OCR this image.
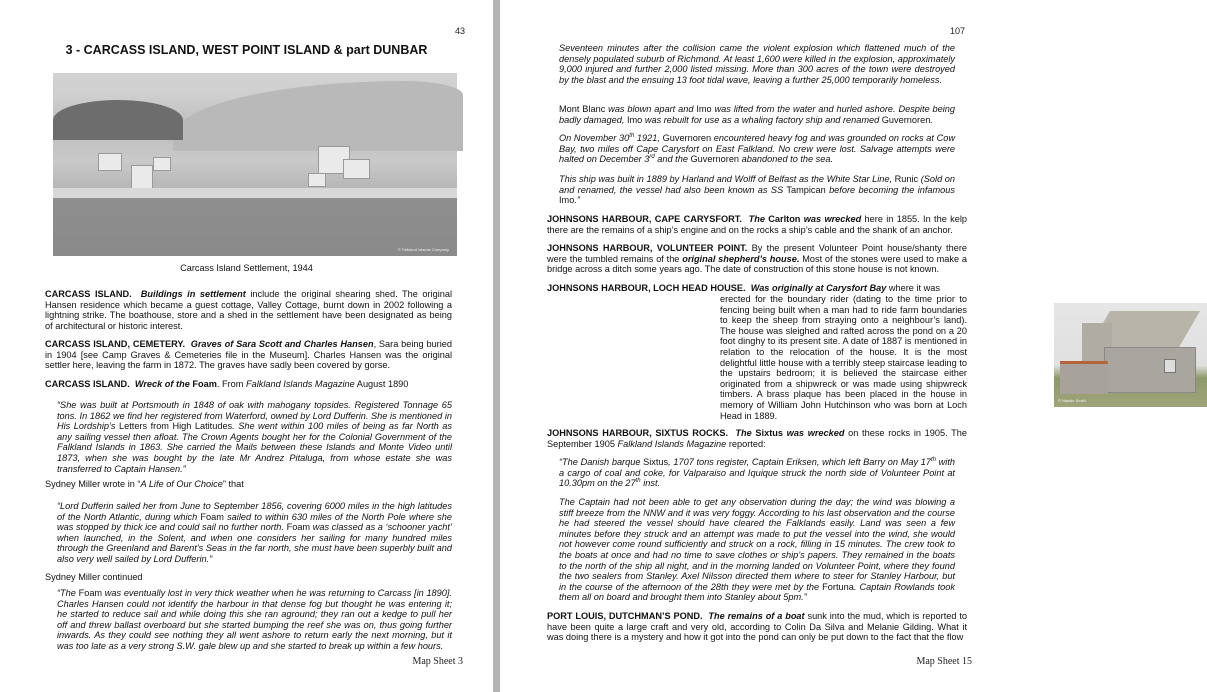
43
3 - CARCASS ISLAND, WEST POINT ISLAND & part DUNBAR
© Falkland Islands Company
Carcass Island Settlement, 1944

CARCASS ISLAND. Buildings in settlement include the original shearing shed. The original Hansen residence which became a guest cottage, Valley Cottage, burnt down in 2002 following a lightning strike. The boathouse, store and a shed in the settlement have been designated as being of architectural or historic interest.

CARCASS ISLAND, CEMETERY. Graves of Sara Scott and Charles Hansen, Sara being buried in 1904 [see Camp Graves & Cemeteries file in the Museum]. Charles Hansen was the original settler here, leaving the farm in 1872. The graves have sadly been covered by gorse.

CARCASS ISLAND. Wreck of the Foam. From Falkland Islands Magazine August 1890

“She was built at Portsmouth in 1848 of oak with mahogany topsides. Registered Tonnage 65 tons. In 1862 we find her registered from Waterford, owned by Lord Dufferin. She is mentioned in His Lordship’s Letters from High Latitudes. She went within 100 miles of being as far North as any sailing vessel then afloat. The Crown Agents bought her for the Colonial Government of the Falkland Islands in 1863. She carried the Mails between these Islands and Monte Video until 1873, when she was bought by the late Mr Andrez Pitaluga, from whose estate she was transferred to Captain Hansen.”

Sydney Miller wrote in “A Life of Our Choice” that

“Lord Dufferin sailed her from June to September 1856, covering 6000 miles in the high latitudes of the North Atlantic, during which Foam sailed to within 630 miles of the North Pole where she was stopped by thick ice and could sail no further north. Foam was classed as a ‘schooner yacht’ when launched, in the Solent, and when one considers her sailing for many hundred miles through the Greenland and Barent’s Seas in the far north, she must have been superbly built and also very well sailed by Lord Dufferin.”

Sydney Miller continued

“The Foam was eventually lost in very thick weather when he was returning to Carcass [in 1890]. Charles Hansen could not identify the harbour in that dense fog but thought he was entering it; he started to reduce sail and while doing this she ran aground; they ran out a kedge to pull her off and threw ballast overboard but she started bumping the reef she was on, thus going further inwards. As they could see nothing they all went ashore to return early the next morning, but it was too late as a very strong S.W. gale blew up and she started to break up within a few hours.

Map Sheet 3
107

Seventeen minutes after the collision came the violent explosion which flattened much of the densely populated suburb of Richmond. At least 1,600 were killed in the explosion, approximately 9,000 injured and further 2,000 listed missing. More than 300 acres of the town were destroyed by the blast and the ensuing 13 foot tidal wave, leaving a further 25,000 temporarily homeless.

Mont Blanc was blown apart and Imo was lifted from the water and hurled ashore. Despite being badly damaged, Imo was rebuilt for use as a whaling factory ship and renamed Guvernoren.

On November 30th 1921, Guvernoren encountered heavy fog and was grounded on rocks at Cow Bay, two miles off Cape Carysfort on East Falkland. No crew were lost. Salvage attempts were halted on December 3rd and the Guvernoren abandoned to the sea.

This ship was built in 1889 by Harland and Wolff of Belfast as the White Star Line, Runic (Sold on and renamed, the vessel had also been known as SS Tampican before becoming the infamous Imo.”

JOHNSONS HARBOUR, CAPE CARYSFORT. The Carlton was wrecked here in 1855. In the kelp there are the remains of a ship’s engine and on the rocks a ship’s cable and the shank of an anchor.

JOHNSONS HARBOUR, VOLUNTEER POINT. By the present Volunteer Point house/shanty there were the tumbled remains of the original shepherd’s house. Most of the stones were used to make a bridge across a ditch some years ago. The date of construction of this stone house is not known.

JOHNSONS HARBOUR, LOCH HEAD HOUSE. Was originally at Carysfort Bay where it was

© Natalie Smith

erected for the boundary rider (dating to the time prior to fencing being built when a man had to ride farm boundaries to keep the sheep from straying onto a neighbour’s land). The house was sleighed and rafted across the pond on a 20 foot dinghy to its present site. A date of 1887 is mentioned in relation to the relocation of the house. It is the most delightful little house with a terribly steep staircase leading to the upstairs bedroom; it is believed the staircase either originated from a shipwreck or was made using shipwreck timbers. A brass plaque has been placed in the house in memory of William John Hutchinson who was born at Loch Head in 1889.

JOHNSONS HARBOUR, SIXTUS ROCKS. The Sixtus was wrecked on these rocks in 1905. The September 1905 Falkland Islands Magazine reported:

“The Danish barque Sixtus, 1707 tons register, Captain Eriksen, which left Barry on May 17th with a cargo of coal and coke, for Valparaiso and Iquique struck the north side of Volunteer Point at 10.30pm on the 27th inst.

The Captain had not been able to get any observation during the day; the wind was blowing a stiff breeze from the NNW and it was very foggy. According to his last observation and the course he had steered the vessel should have cleared the Falklands easily. Land was seen a few minutes before they struck and an attempt was made to put the vessel into the wind, she would not however come round sufficiently and struck on a rock, filling in 15 minutes. The crew took to the boats at once and had no time to save clothes or ship’s papers. They remained in the boats to the north of the ship all night, and in the morning landed on Volunteer Point, where they found the two sealers from Stanley. Axel Nilsson directed them where to steer for Stanley Harbour, but in the course of the afternoon of the 28th they were met by the Fortuna. Captain Rowlands took them all on board and brought them into Stanley about 5pm.”

PORT LOUIS, DUTCHMAN’S POND. The remains of a boat sunk into the mud, which is reported to have been quite a large craft and very old, according to Colin Da Silva and Melanie Gilding. What it was doing there is a mystery and how it got into the pond can only be put down to the fact that the flow

Map Sheet 15
